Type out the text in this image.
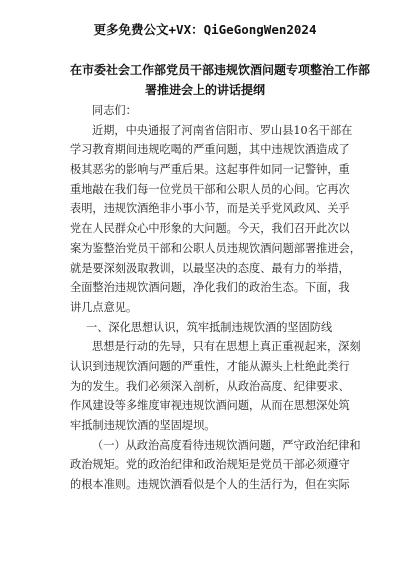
更多免费公文+VX：QiGeGongWen2024
在市委社会工作部党员干部违规饮酒问题专项整治工作部
署推进会上的讲话提纲
同志们：
近期，中央通报了河南省信阳市、罗山县10名干部在
学习教育期间违规吃喝的严重问题，其中违规饮酒造成了
极其恶劣的影响与严重后果。这起事件如同一记警钟，重
重地敲在我们每一位党员干部和公职人员的心间。它再次
表明，违规饮酒绝非小事小节，而是关乎党风政风、关乎
党在人民群众心中形象的大问题。今天，我们召开此次以
案为鉴整治党员干部和公职人员违规饮酒问题部署推进会，
就是要深刻汲取教训，以最坚决的态度、最有力的举措，
全面整治违规饮酒问题，净化我们的政治生态。下面，我
讲几点意见。
一、深化思想认识，筑牢抵制违规饮酒的坚固防线
思想是行动的先导，只有在思想上真正重视起来，深刻
认识到违规饮酒问题的严重性，才能从源头上杜绝此类行
为的发生。我们必须深入剖析，从政治高度、纪律要求、
作风建设等多维度审视违规饮酒问题，从而在思想深处筑
牢抵制违规饮酒的坚固堤坝。
（一）从政治高度看待违规饮酒问题，严守政治纪律和
政治规矩。党的政治纪律和政治规矩是党员干部必须遵守
的根本准则。违规饮酒看似是个人的生活行为，但在实际
